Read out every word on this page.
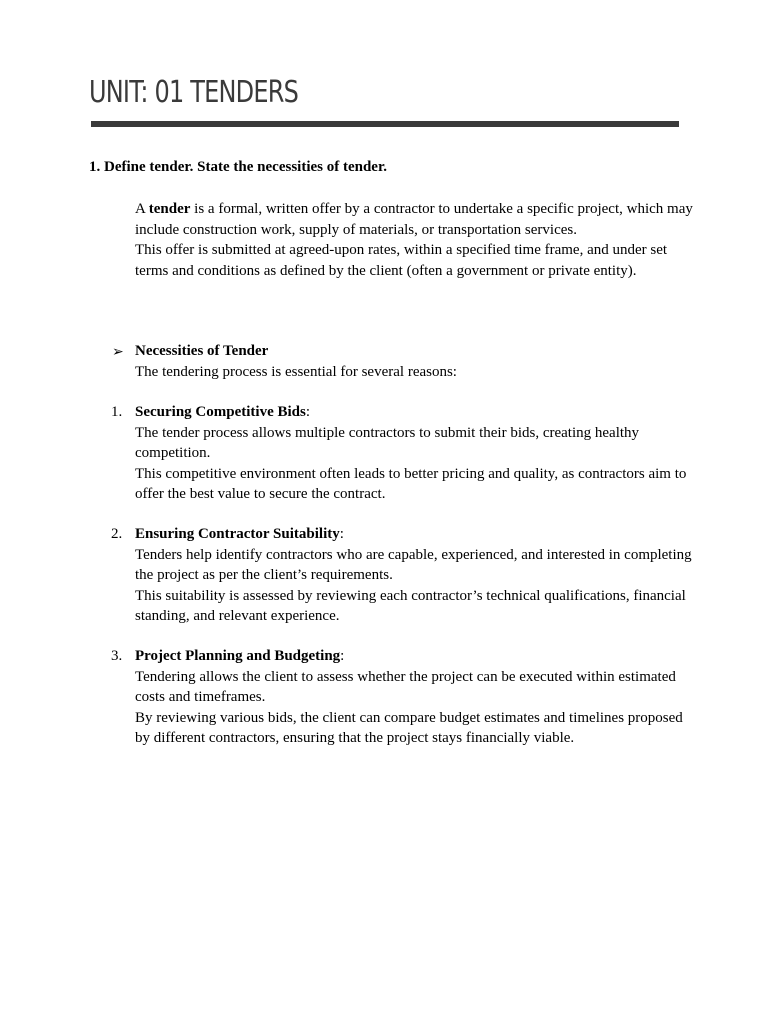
UNIT: 01 TENDERS
1. Define tender. State the necessities of tender.

A tender is a formal, written offer by a contractor to undertake a specific project, which may include construction work, supply of materials, or transportation services.

This offer is submitted at agreed-upon rates, within a specified time frame, and under set terms and conditions as defined by the client (often a government or private entity).

➢ Necessities of Tender

The tendering process is essential for several reasons:

1. Securing Competitive Bids:

The tender process allows multiple contractors to submit their bids, creating healthy competition.

This competitive environment often leads to better pricing and quality, as contractors aim to offer the best value to secure the contract.

2. Ensuring Contractor Suitability:

Tenders help identify contractors who are capable, experienced, and interested in completing the project as per the client’s requirements.

This suitability is assessed by reviewing each contractor’s technical qualifications, financial standing, and relevant experience.

3. Project Planning and Budgeting:

Tendering allows the client to assess whether the project can be executed within estimated costs and timeframes.

By reviewing various bids, the client can compare budget estimates and timelines proposed by different contractors, ensuring that the project stays financially viable.
